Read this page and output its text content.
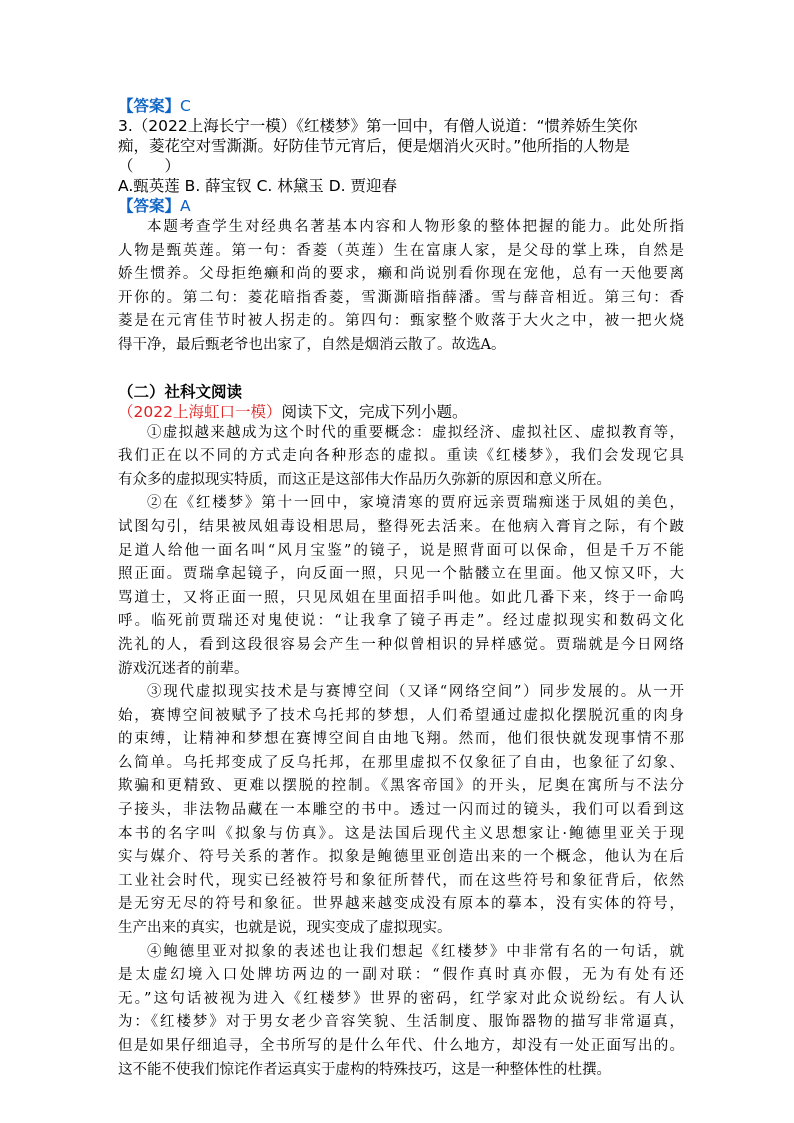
【答案】C
3.（2022上海长宁一模）《红楼梦》第一回中，有僧人说道：“惯养娇生笑你
痴，菱花空对雪澌澌。好防佳节元宵后，便是烟消火灭时。”他所指的人物是
（　　）
A.甄英莲 B. 薛宝钗 C. 林黛玉 D. 贾迎春
【答案】A
本题考查学生对经典名著基本内容和人物形象的整体把握的能力。此处所指
人物是甄英莲。第一句：香菱（英莲）生在富康人家，是父母的掌上珠，自然是
娇生惯养。父母拒绝癞和尚的要求，癞和尚说别看你现在宠他，总有一天他要离
开你的。第二句：菱花暗指香菱，雪澌澌暗指薛潘。雪与薛音相近。第三句：香
菱是在元宵佳节时被人拐走的。第四句：甄家整个败落于大火之中，被一把火烧
得干净，最后甄老爷也出家了，自然是烟消云散了。故选A。
（二）社科文阅读
（2022上海虹口一模）阅读下文，完成下列小题。
①虚拟越来越成为这个时代的重要概念：虚拟经济、虚拟社区、虚拟教育等，
我们正在以不同的方式走向各种形态的虚拟。重读《红楼梦》，我们会发现它具
有众多的虚拟现实特质，而这正是这部伟大作品历久弥新的原因和意义所在。
②在《红楼梦》第十一回中，家境清寒的贾府远亲贾瑞痴迷于凤姐的美色，
试图勾引，结果被凤姐毒设相思局，整得死去活来。在他病入膏肓之际，有个跛
足道人给他一面名叫“风月宝鉴”的镜子，说是照背面可以保命，但是千万不能
照正面。贾瑞拿起镜子，向反面一照，只见一个骷髅立在里面。他又惊又吓，大
骂道士，又将正面一照，只见凤姐在里面招手叫他。如此几番下来，终于一命呜
呼。临死前贾瑞还对鬼使说：“让我拿了镜子再走”。经过虚拟现实和数码文化
洗礼的人，看到这段很容易会产生一种似曾相识的异样感觉。贾瑞就是今日网络
游戏沉迷者的前辈。
③现代虚拟现实技术是与赛博空间（又译“网络空间”）同步发展的。从一开
始，赛博空间被赋予了技术乌托邦的梦想，人们希望通过虚拟化摆脱沉重的肉身
的束缚，让精神和梦想在赛博空间自由地飞翔。然而，他们很快就发现事情不那
么简单。乌托邦变成了反乌托邦，在那里虚拟不仅象征了自由，也象征了幻象、
欺骗和更精致、更难以摆脱的控制。《黑客帝国》的开头，尼奥在寓所与不法分
子接头，非法物品藏在一本雕空的书中。透过一闪而过的镜头，我们可以看到这
本书的名字叫《拟象与仿真》。这是法国后现代主义思想家让·鲍德里亚关于现
实与媒介、符号关系的著作。拟象是鲍德里亚创造出来的一个概念，他认为在后
工业社会时代，现实已经被符号和象征所替代，而在这些符号和象征背后，依然
是无穷无尽的符号和象征。世界越来越变成没有原本的摹本，没有实体的符号，
生产出来的真实，也就是说，现实变成了虚拟现实。
④鲍德里亚对拟象的表述也让我们想起《红楼梦》中非常有名的一句话，就
是太虚幻境入口处牌坊两边的一副对联：“假作真时真亦假，无为有处有还
无。”这句话被视为进入《红楼梦》世界的密码，红学家对此众说纷纭。有人认
为：《红楼梦》对于男女老少音容笑貌、生活制度、服饰器物的描写非常逼真，
但是如果仔细追寻，全书所写的是什么年代、什么地方，却没有一处正面写出的。
这不能不使我们惊诧作者运真实于虚构的特殊技巧，这是一种整体性的杜撰。
